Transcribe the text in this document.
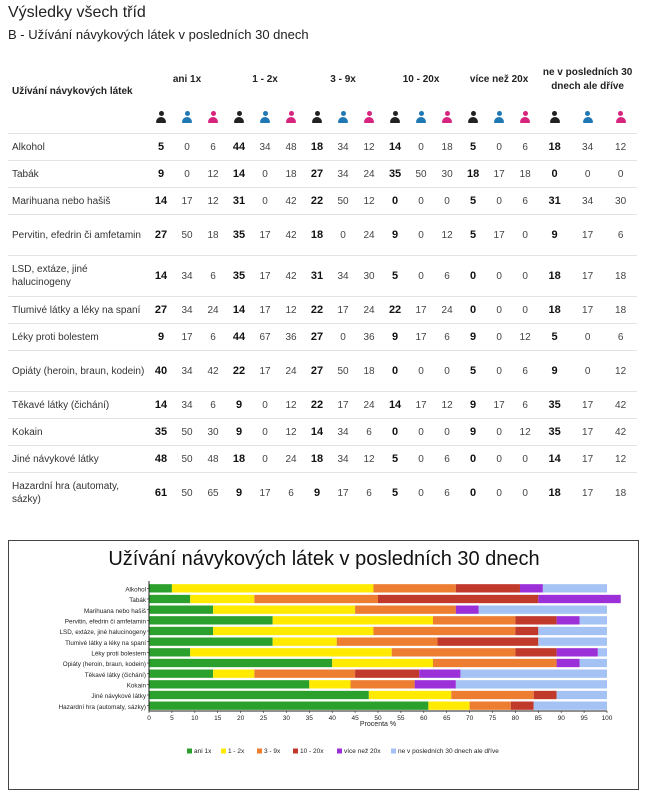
Výsledky všech tříd
B - Užívání návykových látek v posledních 30 dnech
Užívání návykových látek	ani 1x			1 - 2x			3 - 9x			10 - 20x			více než 20x			ne v posledních 30 dnech ale dříve		

Alkohol	5	0	6	44	34	48	18	34	12	14	0	18	5	0	6	18	34	12
Tabák	9	0	12	14	0	18	27	34	24	35	50	30	18	17	18	0	0	0
Marihuana nebo hašiš	14	17	12	31	0	42	22	50	12	0	0	0	5	0	6	31	34	30
Pervitin, efedrin či amfetamin	27	50	18	35	17	42	18	0	24	9	0	12	5	17	0	9	17	6
LSD, extáze, jiné halucinogeny	14	34	6	35	17	42	31	34	30	5	0	6	0	0	0	18	17	18
Tlumivé látky a léky na spaní	27	34	24	14	17	12	22	17	24	22	17	24	0	0	0	18	17	18
Léky proti bolestem	9	17	6	44	67	36	27	0	36	9	17	6	9	0	12	5	0	6
Opiáty (heroin, braun, kodein)	40	34	42	22	17	24	27	50	18	0	0	0	5	0	6	9	0	12
Těkavé látky (čichání)	14	34	6	9	0	12	22	17	24	14	17	12	9	17	6	35	17	42
Kokain	35	50	30	9	0	12	14	34	6	0	0	0	9	0	12	35	17	42
Jiné návykové látky	48	50	48	18	0	24	18	34	12	5	0	6	0	0	0	14	17	12
Hazardní hra (automaty, sázky)	61	50	65	9	17	6	9	17	6	5	0	6	0	0	0	18	17	18
Užívání návykových látek v posledních 30 dnech
Alkohol
Tabák
Marihuana nebo hašiš
Pervitin, efedrin či amfetamin
LSD, extáze, jiné halucinogeny
Tlumivé látky a léky na spaní
Léky proti bolestem
Opiáty (heroin, braun, kodein)
Těkavé látky (čichání)
Kokain
Jiné návykové látky
Hazardní hra (automaty, sázky)
0	5	10 15 20 25 30 35 40 45 50 55 60 65 70 75 80 85 90 95 100
Procenta %
ani 1x	1 - 2x	3 - 9x	10 - 20x	více než 20x	ne v posledních 30 dnech ale dříve
